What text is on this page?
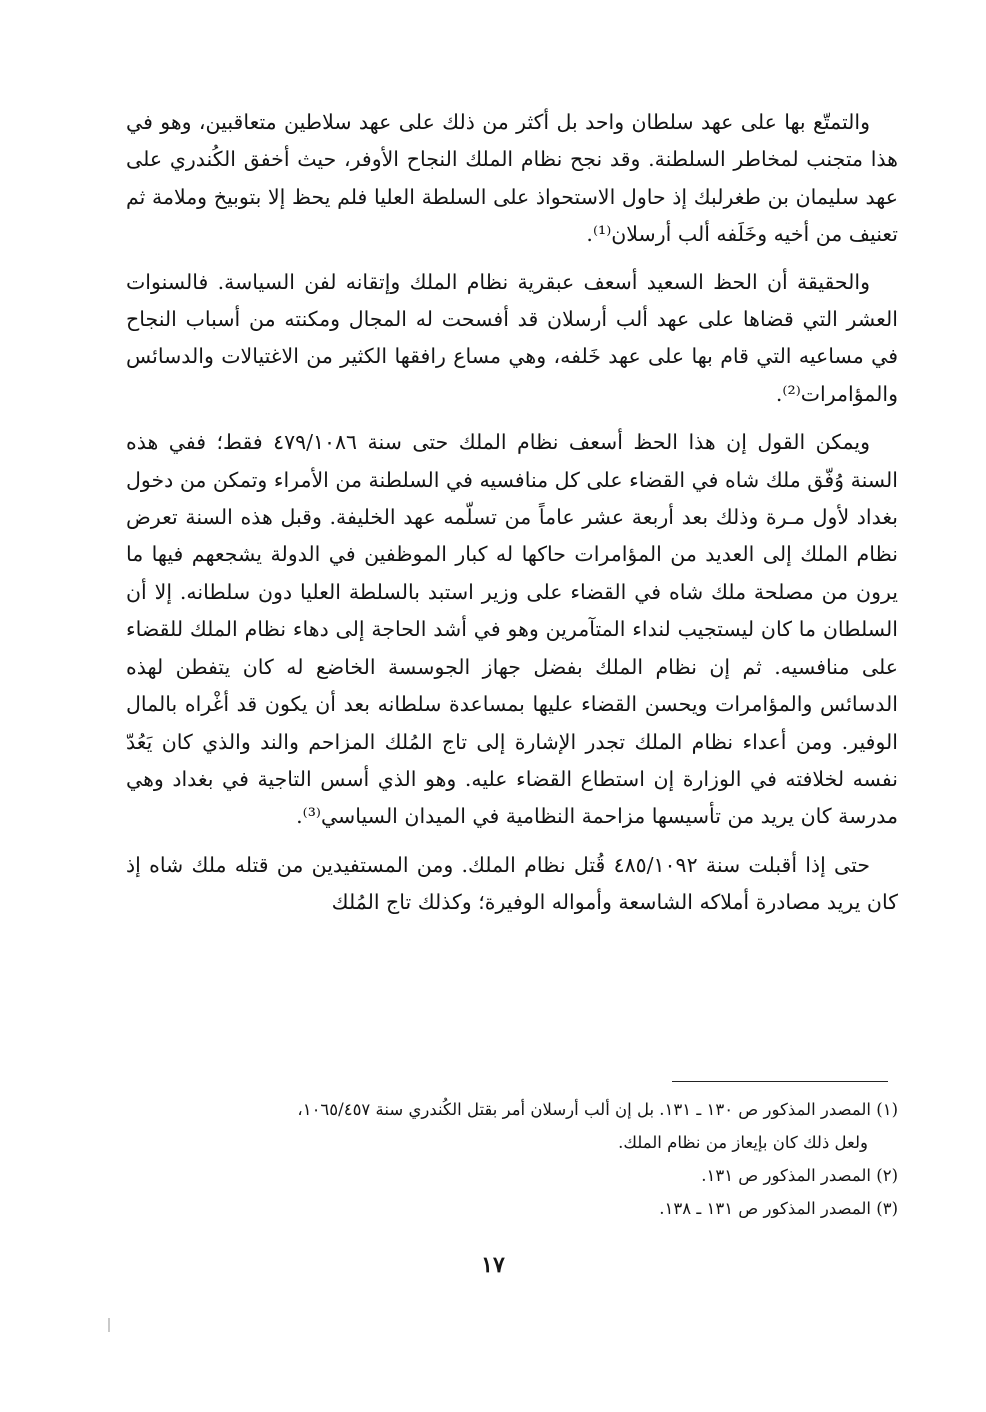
والتمتّع بها على عهد سلطان واحد بل أكثر من ذلك على عهد سلاطين متعاقبين، وهو في هذا متجنب لمخاطر السلطنة. وقد نجح نظام الملك النجاح الأوفر، حيث أخفق الكُندري على عهد سليمان بن طغرلبك إذ حاول الاستحواذ على السلطة العليا فلم يحظ إلا بتوبيخ وملامة ثم تعنيف من أخيه وخَلَفه ألب أرسلان⁽¹⁾.

والحقيقة أن الحظ السعيد أسعف عبقرية نظام الملك وإتقانه لفن السياسة. فالسنوات العشر التي قضاها على عهد ألب أرسلان قد أفسحت له المجال ومكنته من أسباب النجاح في مساعيه التي قام بها على عهد خَلفه، وهي مساع رافقها الكثير من الاغتيالات والدسائس والمؤامرات⁽²⁾.

ويمكن القول إن هذا الحظ أسعف نظام الملك حتى سنة ٤٧٩/١٠٨٦ فقط؛ ففي هذه السنة وُفّق ملك شاه في القضاء على كل منافسيه في السلطنة من الأمراء وتمكن من دخول بغداد لأول مـرة وذلك بعد أربعة عشر عاماً من تسلّمه عهد الخليفة. وقبل هذه السنة تعرض نظام الملك إلى العديد من المؤامرات حاكها له كبار الموظفين في الدولة يشجعهم فيها ما يرون من مصلحة ملك شاه في القضاء على وزير استبد بالسلطة العليا دون سلطانه. إلا أن السلطان ما كان ليستجيب لنداء المتآمرين وهو في أشد الحاجة إلى دهاء نظام الملك للقضاء على منافسيه. ثم إن نظام الملك بفضل جهاز الجوسسة الخاضع له كان يتفطن لهذه الدسائس والمؤامرات ويحسن القضاء عليها بمساعدة سلطانه بعد أن يكون قد أغْراه بالمال الوفير. ومن أعداء نظام الملك تجدر الإشارة إلى تاج المُلك المزاحم والند والذي كان يَعُدّ نفسه لخلافته في الوزارة إن استطاع القضاء عليه. وهو الذي أسس التاجية في بغداد وهي مدرسة كان يريد من تأسيسها مزاحمة النظامية في الميدان السياسي⁽³⁾.

حتى إذا أقبلت سنة ٤٨٥/١٠٩٢ قُتل نظام الملك. ومن المستفيدين من قتله ملك شاه إذ كان يريد مصادرة أملاكه الشاسعة وأمواله الوفيرة؛ وكذلك تاج المُلك

(١) المصدر المذكور ص ١٣٠ ـ ١٣١. بل إن ألب أرسلان أمر بقتل الكُندري سنة ١٠٦٥/٤٥٧،

ولعل ذلك كان بإيعاز من نظام الملك.

(٢) المصدر المذكور ص ١٣١.

(٣) المصدر المذكور ص ١٣١ ـ ١٣٨.

١٧
